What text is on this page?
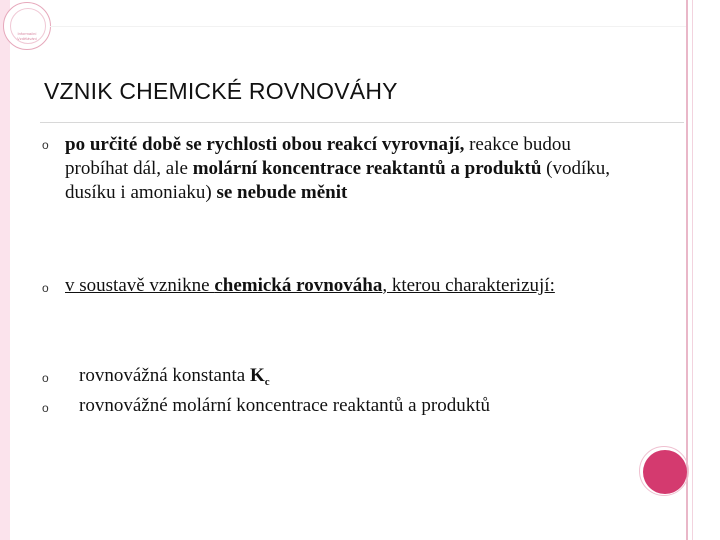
Informační Vzdělávání
VZNIK CHEMICKÉ ROVNOVÁHY
o po určité době se rychlosti obou reakcí vyrovnají, reakce budou probíhat dál, ale molární koncentrace reaktantů a produktů (vodíku, dusíku i amoniaku) se nebude měnit
o v soustavě vznikne chemická rovnováha, kterou charakterizují:
o rovnovážná konstanta $K_c$
o rovnovážné molární koncentrace reaktantů a produktů
